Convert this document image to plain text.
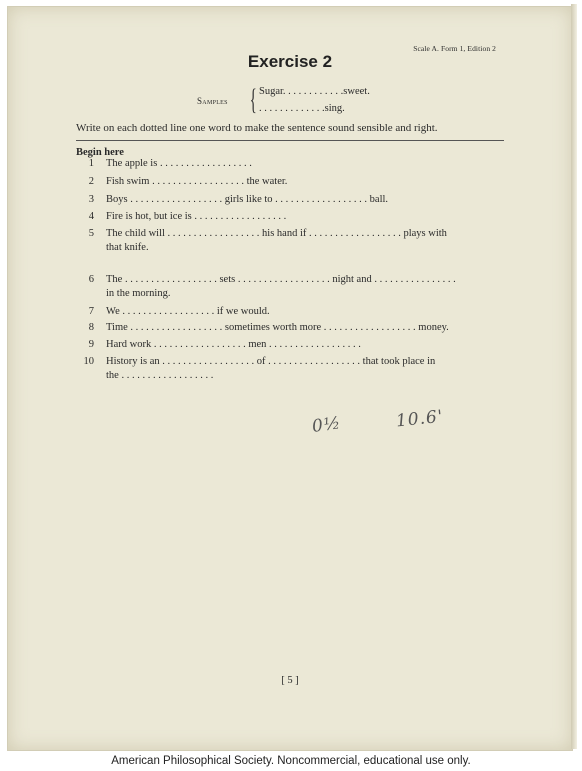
Scale A. Form 1, Edition 2
Exercise 2
Samples { Sugar. . . . . . . . . . . .sweet.
. . . . . . . . . . . . .sing.
Write on each dotted line one word to make the sentence sound sensible and right.
Begin here
1 The apple is . . . . . . . . . . . . . . . . . .
2 Fish swim . . . . . . . . . . . . . . . . . . the water.
3 Boys . . . . . . . . . . . . . . . . . . girls like to . . . . . . . . . . . . . . . . . . ball.
4 Fire is hot, but ice is . . . . . . . . . . . . . . . . . .
5 The child will . . . . . . . . . . . . . . . . . . his hand if . . . . . . . . . . . . . . . . . . plays with
that knife.
6 The . . . . . . . . . . . . . . . . . . sets . . . . . . . . . . . . . . . . . . night and . . . . . . . . . . . . . . . .
in the morning.
7 We . . . . . . . . . . . . . . . . . . if we would.
8 Time . . . . . . . . . . . . . . . . . . sometimes worth more . . . . . . . . . . . . . . . . . . money.
9 Hard work . . . . . . . . . . . . . . . . . . men . . . . . . . . . . . . . . . . . .
10 History is an . . . . . . . . . . . . . . . . . . of . . . . . . . . . . . . . . . . . . that took place in
the . . . . . . . . . . . . . . . . . .
0½	10.6'
[ 5 ]
American Philosophical Society. Noncommercial, educational use only.
